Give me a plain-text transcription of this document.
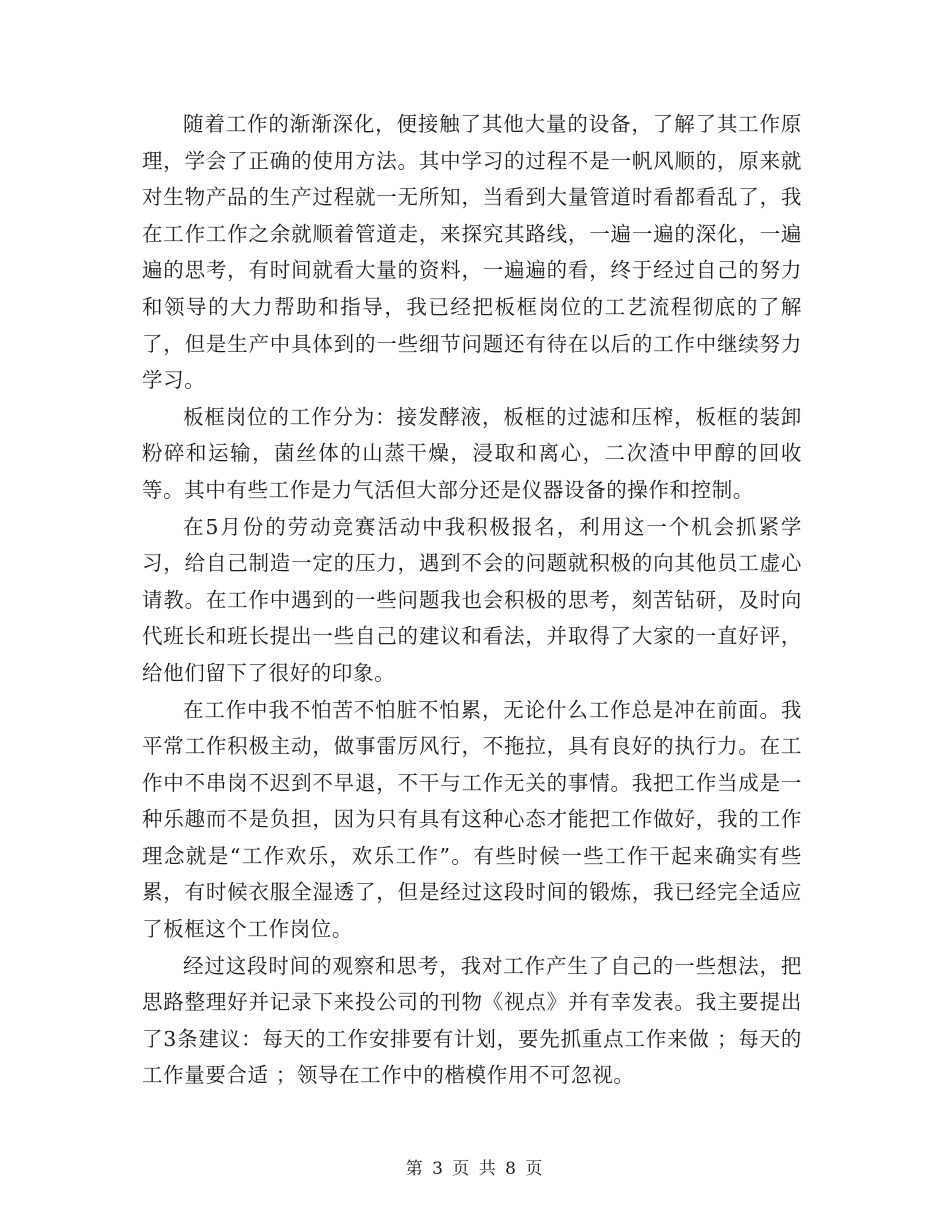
随着工作的渐渐深化，便接触了其他大量的设备，了解了其工作原理，学会了正确的使用方法。其中学习的过程不是一帆风顺的，原来就对生物产品的生产过程就一无所知，当看到大量管道时看都看乱了，我在工作工作之余就顺着管道走，来探究其路线，一遍一遍的深化，一遍遍的思考，有时间就看大量的资料，一遍遍的看，终于经过自己的努力和领导的大力帮助和指导，我已经把板框岗位的工艺流程彻底的了解了，但是生产中具体到的一些细节问题还有待在以后的工作中继续努力学习。

板框岗位的工作分为：接发酵液，板框的过滤和压榨，板框的装卸粉碎和运输，菌丝体的山蒸干燥，浸取和离心，二次渣中甲醇的回收等。其中有些工作是力气活但大部分还是仪器设备的操作和控制。

在5月份的劳动竞赛活动中我积极报名，利用这一个机会抓紧学习，给自己制造一定的压力，遇到不会的问题就积极的向其他员工虚心请教。在工作中遇到的一些问题我也会积极的思考，刻苦钻研，及时向代班长和班长提出一些自己的建议和看法，并取得了大家的一直好评，给他们留下了很好的印象。

在工作中我不怕苦不怕脏不怕累，无论什么工作总是冲在前面。我平常工作积极主动，做事雷厉风行，不拖拉，具有良好的执行力。在工作中不串岗不迟到不早退，不干与工作无关的事情。我把工作当成是一种乐趣而不是负担，因为只有具有这种心态才能把工作做好，我的工作理念就是“工作欢乐，欢乐工作”。有些时候一些工作干起来确实有些累，有时候衣服全湿透了，但是经过这段时间的锻炼，我已经完全适应了板框这个工作岗位。

经过这段时间的观察和思考，我对工作产生了自己的一些想法，把思路整理好并记录下来投公司的刊物《视点》并有幸发表。我主要提出了3条建议：每天的工作安排要有计划，要先抓重点工作来做 ；每天的工作量要合适 ；领导在工作中的楷模作用不可忽视。

第 3 页 共 8 页
